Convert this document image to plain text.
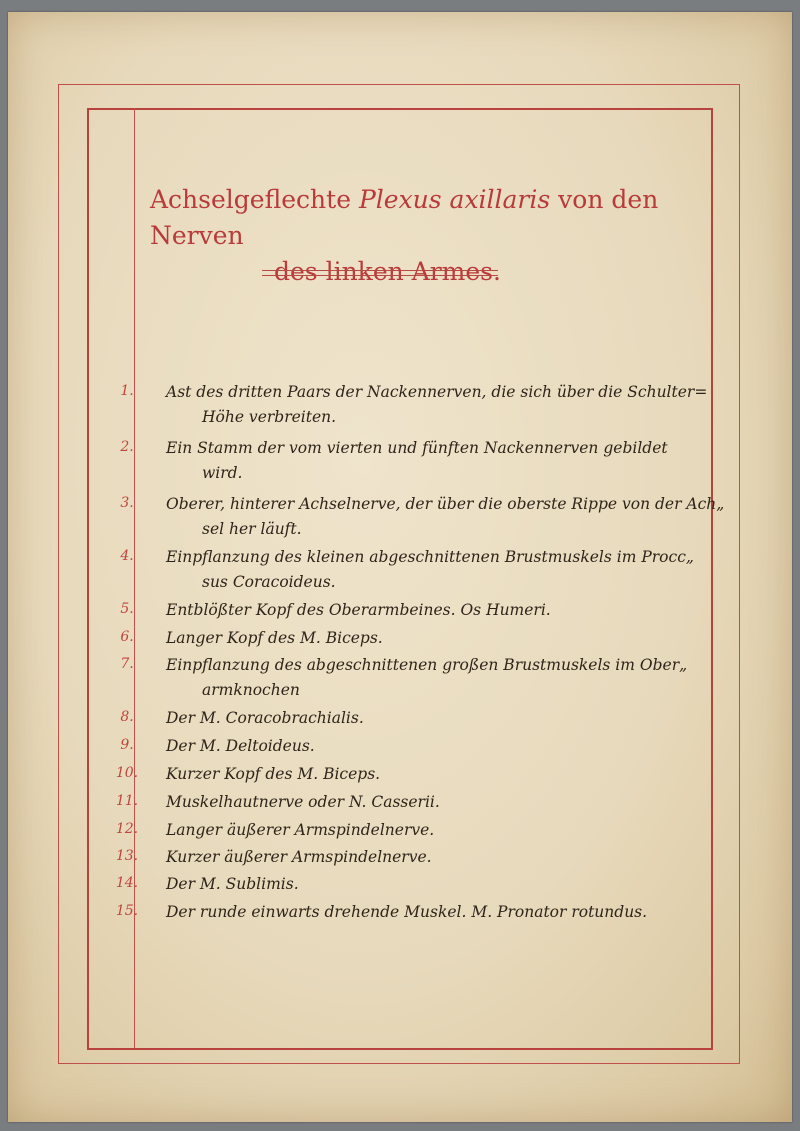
Achselgeflechte Plexus axillaris von den Nerven
des linken Armes.
1.	Ast des dritten Paars der Nackennerven, die sich über die Schulter=
Höhe verbreiten.
2.	Ein Stamm der vom vierten und fünften Nackennerven gebildet
wird.
3.	Oberer, hinterer Achselnerve, der über die oberste Rippe von der Ach„
sel her läuft.
4.	Einpflanzung des kleinen abgeschnittenen Brustmuskels im Procc„
sus Coracoideus.
5.	Entblößter Kopf des Oberarmbeines. Os Humeri.
6.	Langer Kopf des M. Biceps.
7.	Einpflanzung des abgeschnittenen großen Brustmuskels im Ober„
armknochen
8.	Der M. Coracobrachialis.
9.	Der M. Deltoideus.
10.	Kurzer Kopf des M. Biceps.
11.	Muskelhautnerve oder N. Casserii.
12.	Langer äußerer Armspindelnerve.
13.	Kurzer äußerer Armspindelnerve.
14.	Der M. Sublimis.
15.	Der runde einwarts drehende Muskel. M. Pronator rotundus.
